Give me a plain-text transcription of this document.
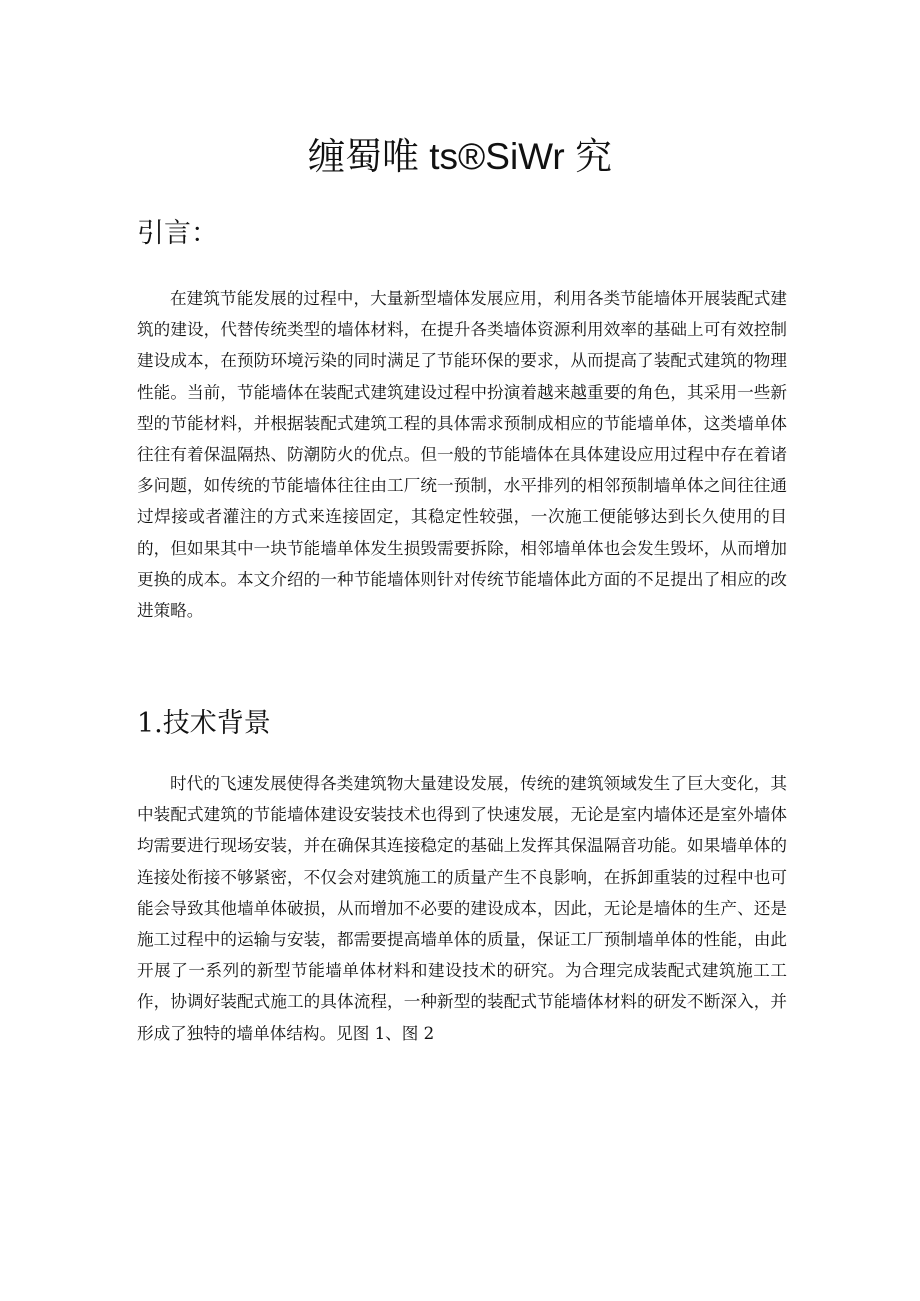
缠蜀唯 ts®SiWr 究
引言：

在建筑节能发展的过程中，大量新型墙体发展应用，利用各类节能墙体开展装配式建筑的建设，代替传统类型的墙体材料，在提升各类墙体资源利用效率的基础上可有效控制建设成本，在预防环境污染的同时满足了节能环保的要求，从而提高了装配式建筑的物理性能。当前，节能墙体在装配式建筑建设过程中扮演着越来越重要的角色，其采用一些新型的节能材料，并根据装配式建筑工程的具体需求预制成相应的节能墙单体，这类墙单体往往有着保温隔热、防潮防火的优点。但一般的节能墙体在具体建设应用过程中存在着诸多问题，如传统的节能墙体往往由工厂统一预制，水平排列的相邻预制墙单体之间往往通过焊接或者灌注的方式来连接固定，其稳定性较强，一次施工便能够达到长久使用的目的，但如果其中一块节能墙单体发生损毁需要拆除，相邻墙单体也会发生毁坏，从而增加更换的成本。本文介绍的一种节能墙体则针对传统节能墙体此方面的不足提出了相应的改进策略。

1.技术背景

时代的飞速发展使得各类建筑物大量建设发展，传统的建筑领域发生了巨大变化，其中装配式建筑的节能墙体建设安装技术也得到了快速发展，无论是室内墙体还是室外墙体均需要进行现场安装，并在确保其连接稳定的基础上发挥其保温隔音功能。如果墙单体的连接处衔接不够紧密，不仅会对建筑施工的质量产生不良影响，在拆卸重装的过程中也可能会导致其他墙单体破损，从而增加不必要的建设成本，因此，无论是墙体的生产、还是施工过程中的运输与安装，都需要提高墙单体的质量，保证工厂预制墙单体的性能，由此开展了一系列的新型节能墙单体材料和建设技术的研究。为合理完成装配式建筑施工工作，协调好装配式施工的具体流程，一种新型的装配式节能墙体材料的研发不断深入，并形成了独特的墙单体结构。见图 1、图 2
